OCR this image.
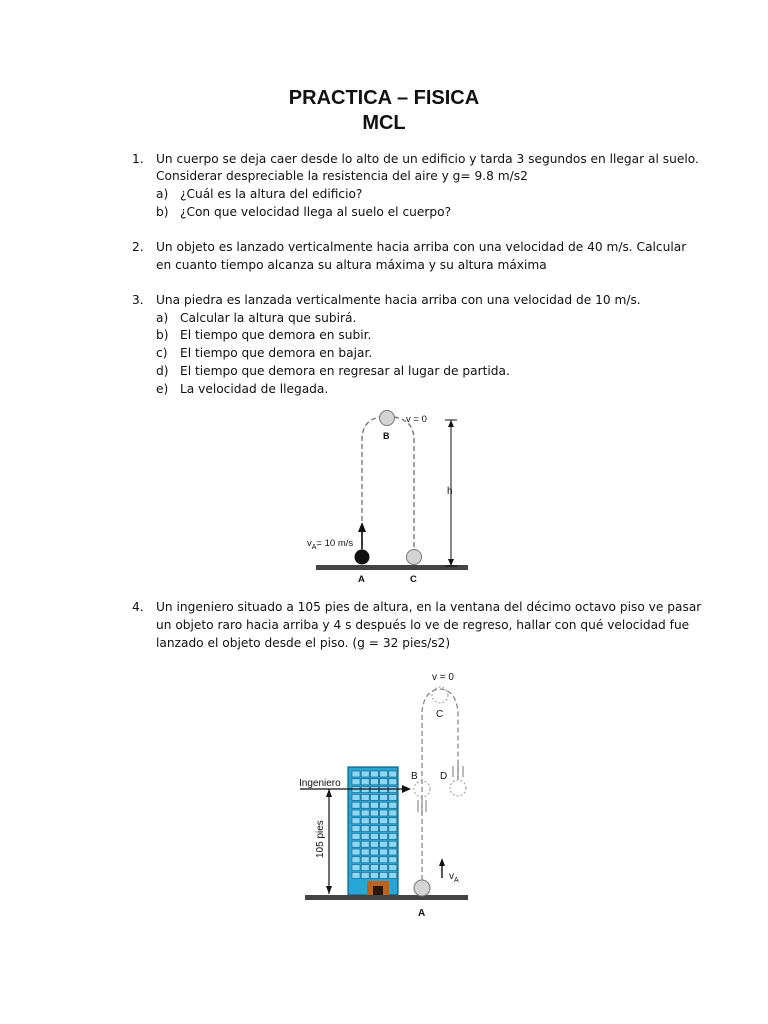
PRACTICA – FISICA
MCL
1. Un cuerpo se deja caer desde lo alto de un edificio y tarda 3 segundos en llegar al suelo.
Considerar despreciable la resistencia del aire y g= 9.8 m/s2
a) ¿Cuál es la altura del edificio?
b) ¿Con que velocidad llega al suelo el cuerpo?
2. Un objeto es lanzado verticalmente hacia arriba con una velocidad de 40 m/s. Calcular
en cuanto tiempo alcanza su altura máxima y su altura máxima
3. Una piedra es lanzada verticalmente hacia arriba con una velocidad de 10 m/s.
a) Calcular la altura que subirá.
b) El tiempo que demora en subir.
c) El tiempo que demora en bajar.
d) El tiempo que demora en regresar al lugar de partida.
e) La velocidad de llegada.
v = 0
B
$v_A= 10$ m/s
A	C
h
4. Un ingeniero situado a 105 pies de altura, en la ventana del décimo octavo piso ve pasar
un objeto raro hacia arriba y 4 s después lo ve de regreso, hallar con qué velocidad fue
lanzado el objeto desde el piso. (g = 32 pies/s2)
v = 0
C
B D
A
$v_A$
Ingeniero
105 pies
